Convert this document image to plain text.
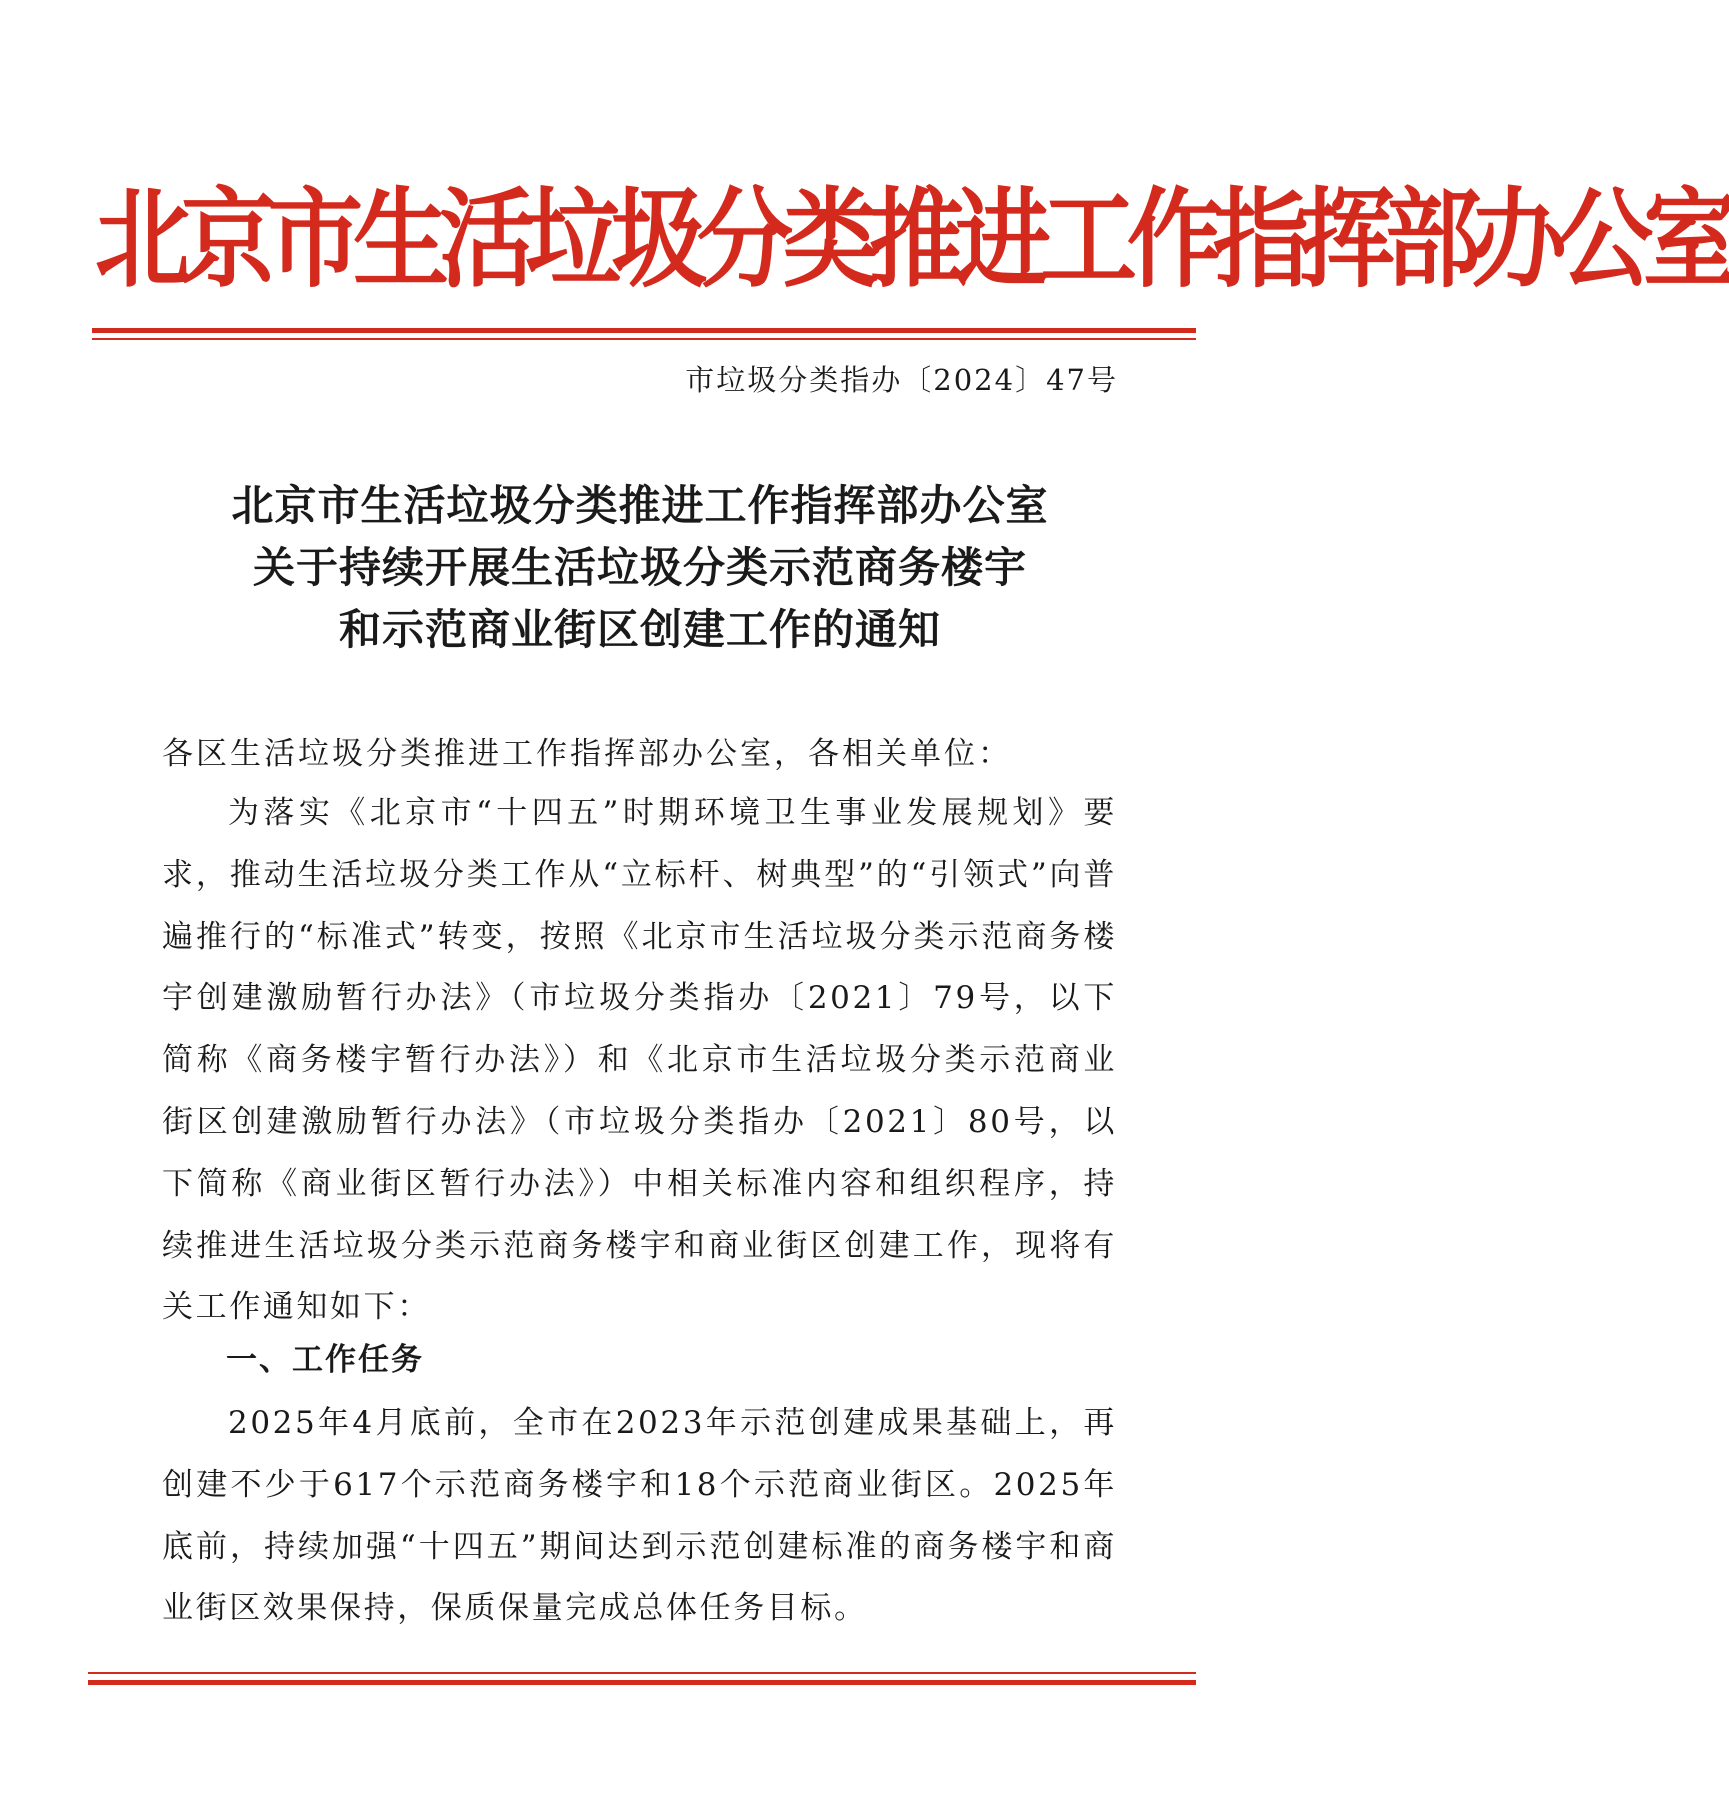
北京市生活垃圾分类推进工作指挥部办公室
市垃圾分类指办〔2024〕47号
北京市生活垃圾分类推进工作指挥部办公室
关于持续开展生活垃圾分类示范商务楼宇
和示范商业街区创建工作的通知
各区生活垃圾分类推进工作指挥部办公室，各相关单位：

为落实《北京市“十四五”时期环境卫生事业发展规划》要求，推动生活垃圾分类工作从“立标杆、树典型”的“引领式”向普遍推行的“标准式”转变，按照《北京市生活垃圾分类示范商务楼宇创建激励暂行办法》（市垃圾分类指办〔2021〕79号，以下简称《商务楼宇暂行办法》）和《北京市生活垃圾分类示范商业街区创建激励暂行办法》（市垃圾分类指办〔2021〕80号，以下简称《商业街区暂行办法》）中相关标准内容和组织程序，持续推进生活垃圾分类示范商务楼宇和商业街区创建工作，现将有关工作通知如下：

一、工作任务

2025年4月底前，全市在2023年示范创建成果基础上，再创建不少于617个示范商务楼宇和18个示范商业街区。2025年底前，持续加强“十四五”期间达到示范创建标准的商务楼宇和商业街区效果保持，保质保量完成总体任务目标。
